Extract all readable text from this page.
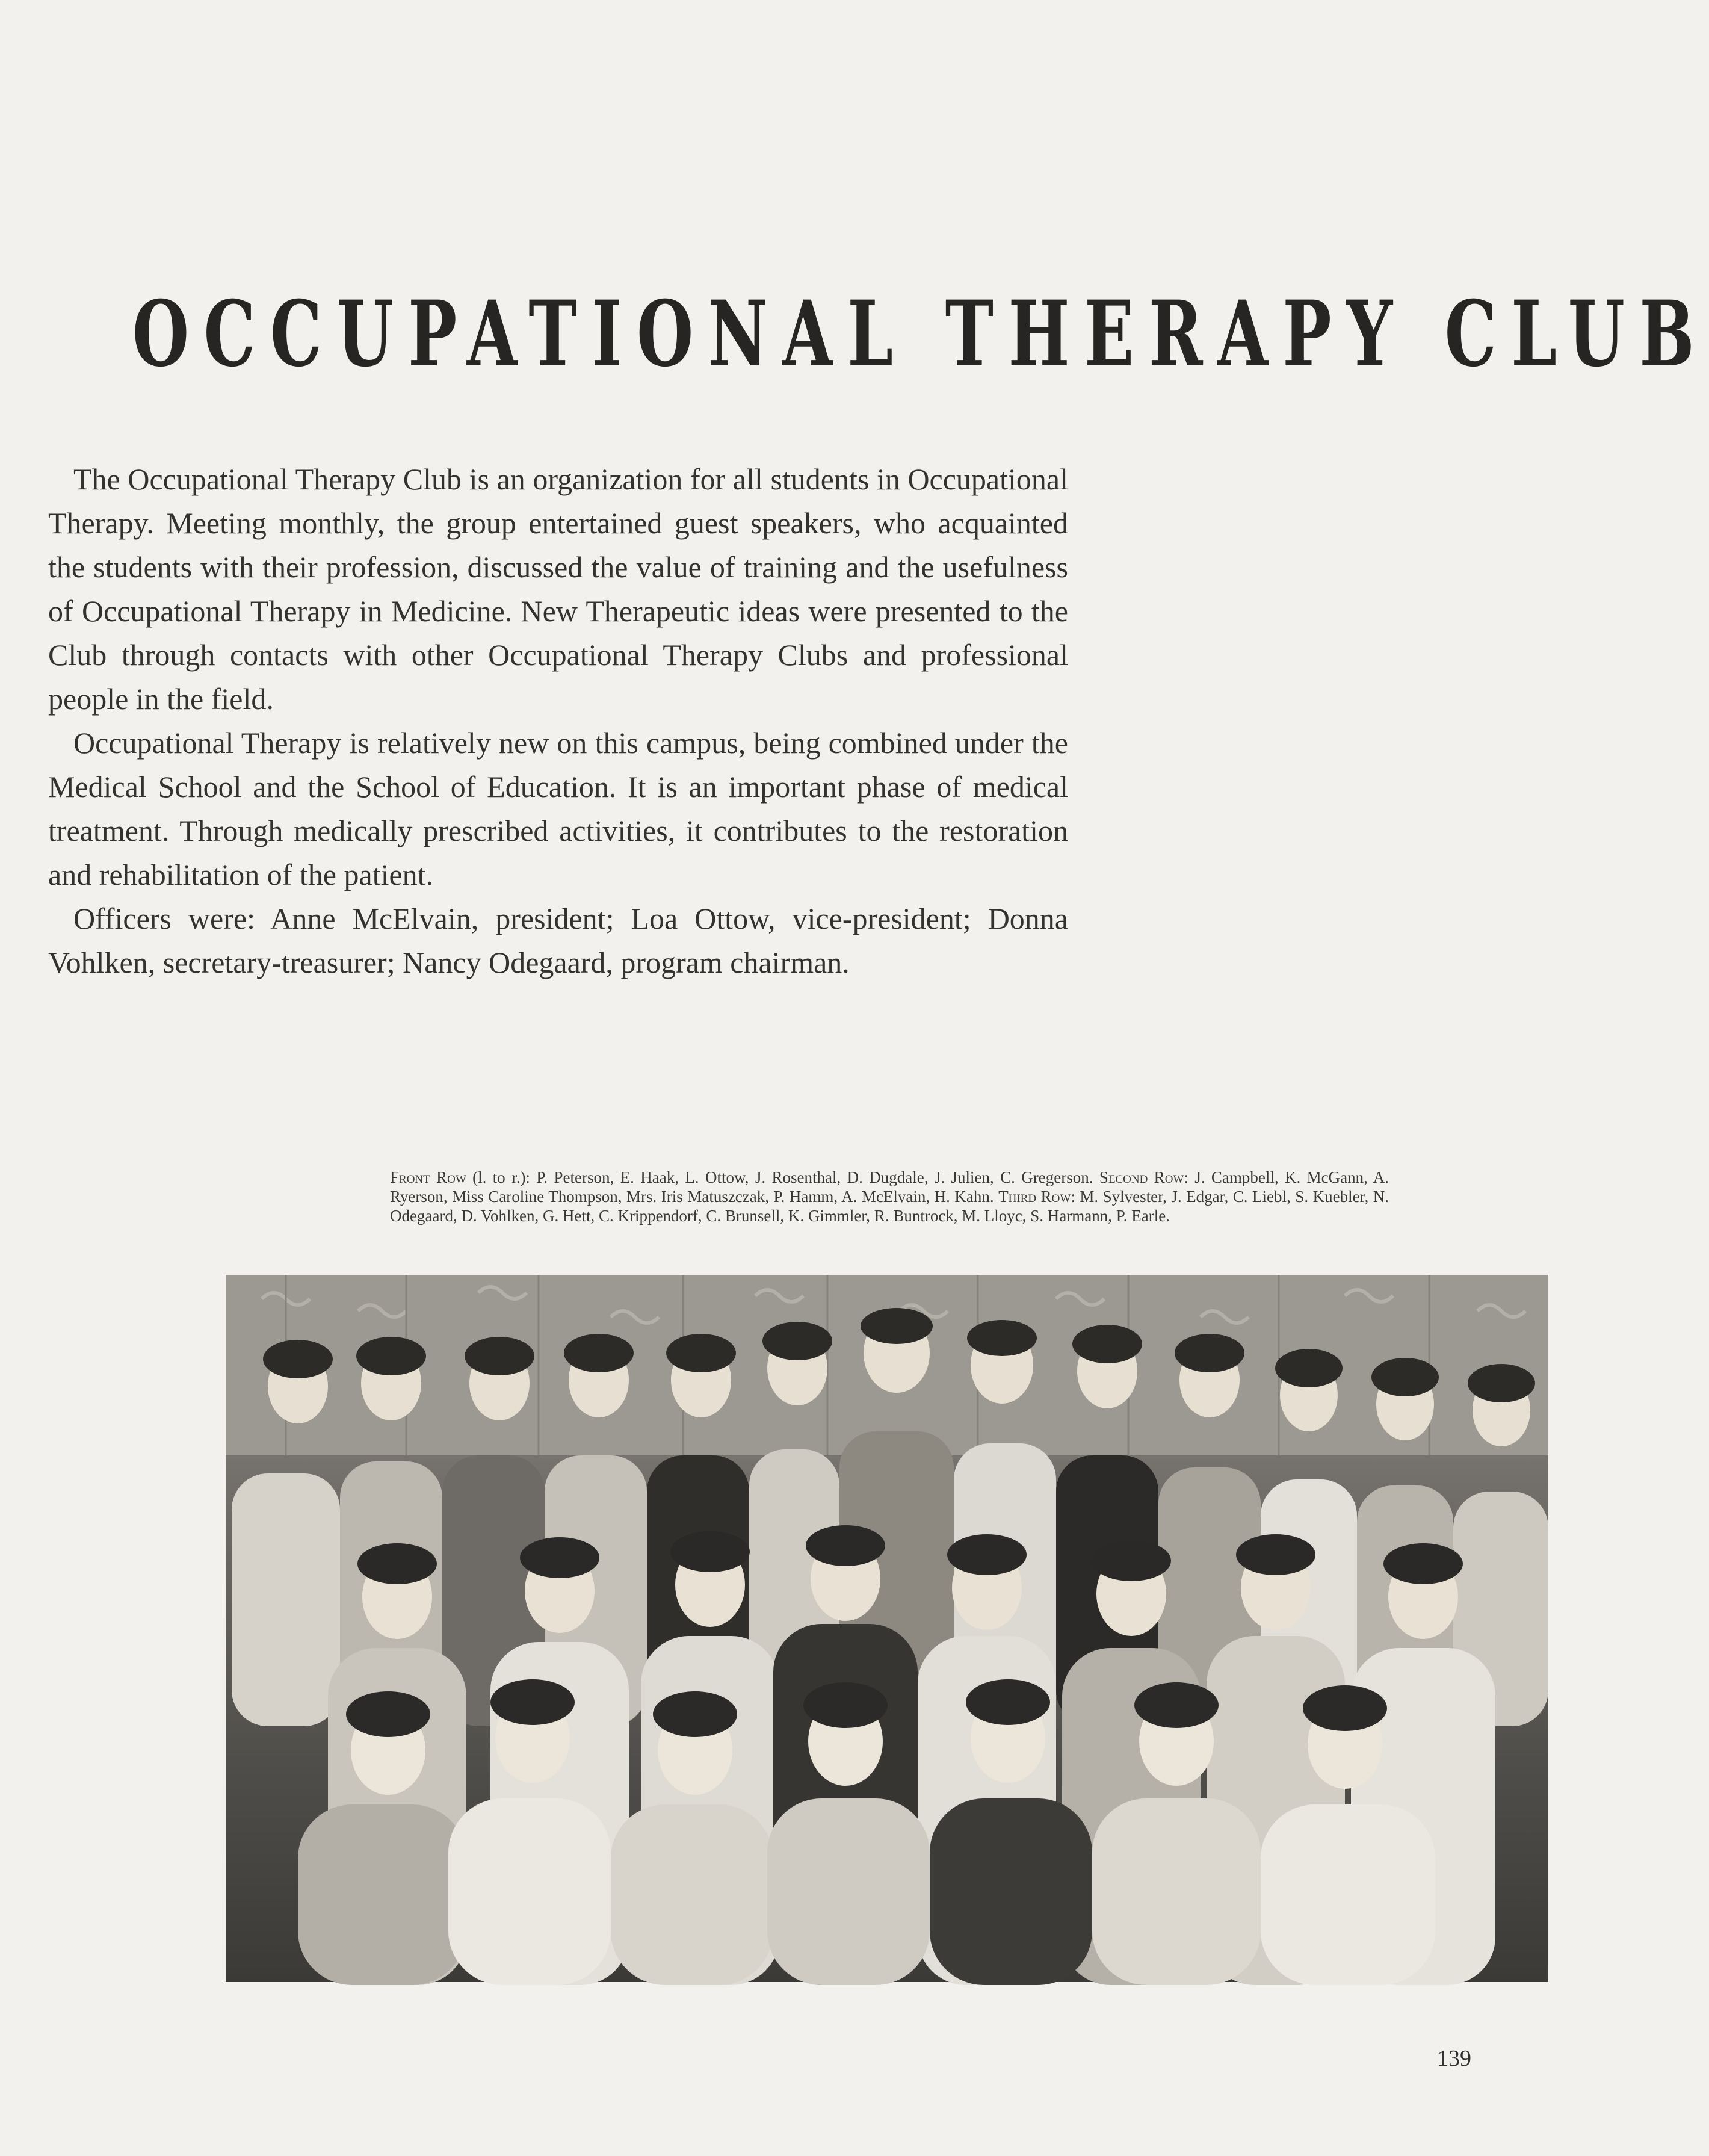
OCCUPATIONAL THERAPY CLUB

The Occupational Therapy Club is an organization for all students in Occupational Therapy. Meeting monthly, the group entertained guest speakers, who acquainted the students with their profession, discussed the value of training and the usefulness of Occupational Therapy in Medicine. New Therapeutic ideas were presented to the Club through contacts with other Occupational Therapy Clubs and professional people in the field.

Occupational Therapy is relatively new on this campus, being combined under the Medical School and the School of Education. It is an important phase of medical treatment. Through medically prescribed activities, it contributes to the restoration and rehabilitation of the patient.

Officers were: Anne McElvain, president; Loa Ottow, vice-president; Donna Vohlken, secretary-treasurer; Nancy Odegaard, program chairman.

Front Row (l. to r.): P. Peterson, E. Haak, L. Ottow, J. Rosenthal, D. Dugdale, J. Julien, C. Gregerson. Second Row: J. Campbell, K. McGann, A. Ryerson, Miss Caroline Thompson, Mrs. Iris Matuszczak, P. Hamm, A. McElvain, H. Kahn. Third Row: M. Sylvester, J. Edgar, C. Liebl, S. Kuebler, N. Odegaard, D. Vohlken, G. Hett, C. Krippendorf, C. Brunsell, K. Gimmler, R. Buntrock, M. Lloyc, S. Harmann, P. Earle.
139
